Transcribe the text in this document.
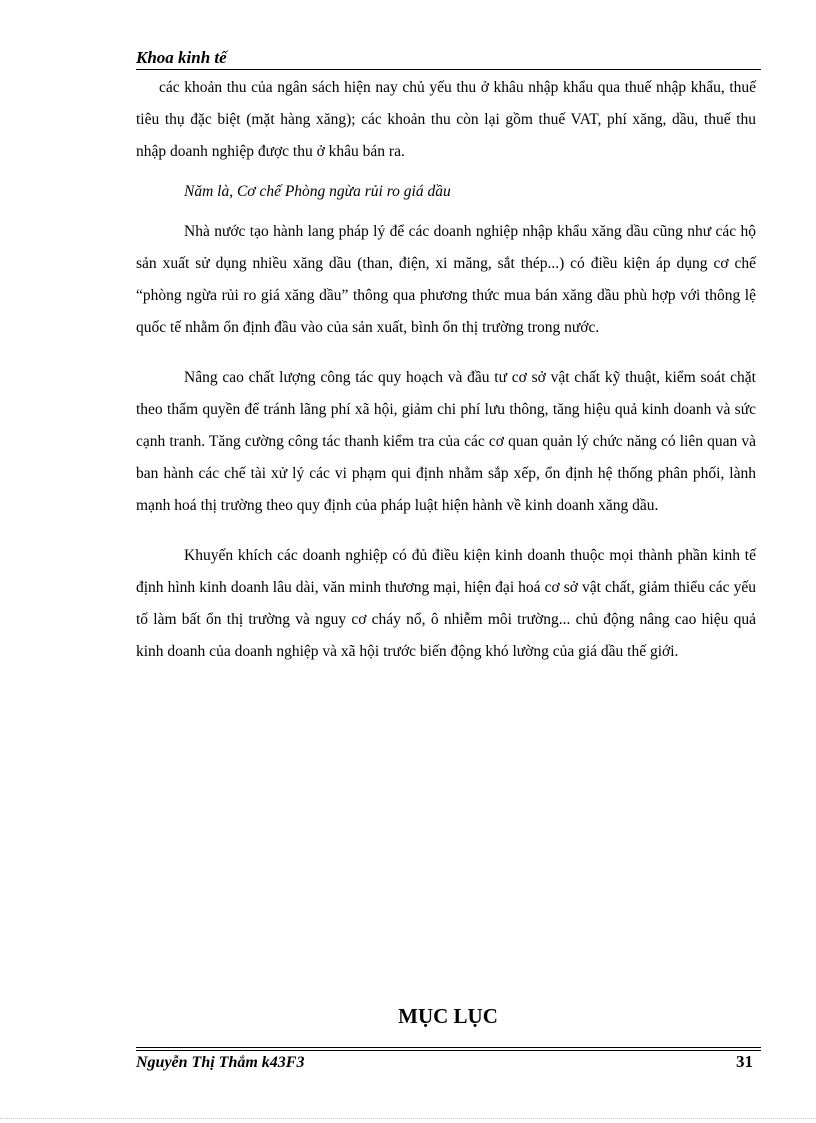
Khoa kinh tế

các khoản thu của ngân sách hiện nay chủ yếu thu ở khâu nhập khẩu qua thuế nhập khẩu, thuế tiêu thụ đặc biệt (mặt hàng xăng); các khoản thu còn lại gồm thuế VAT, phí xăng, dầu, thuế thu nhập doanh nghiệp được thu ở khâu bán ra.

Năm là, Cơ chế Phòng ngừa rủi ro giá dầu

Nhà nước tạo hành lang pháp lý để các doanh nghiệp nhập khẩu xăng dầu cũng như các hộ sản xuất sử dụng nhiều xăng dầu (than, điện, xi măng, sắt thép...) có điều kiện áp dụng cơ chế “phòng ngừa rủi ro giá xăng dầu” thông qua phương thức mua bán xăng dầu phù hợp với thông lệ quốc tế nhằm ổn định đầu vào của sản xuất, bình ổn thị trường trong nước.

Nâng cao chất lượng công tác quy hoạch và đầu tư cơ sở vật chất kỹ thuật, kiểm soát chặt theo thẩm quyền để tránh lãng phí xã hội, giảm chi phí lưu thông, tăng hiệu quả kinh doanh và sức cạnh tranh. Tăng cường công tác thanh kiểm tra của các cơ quan quản lý chức năng có liên quan và ban hành các chế tài xử lý các vi phạm qui định nhằm sắp xếp, ổn định hệ thống phân phối, lành mạnh hoá thị trường theo quy định của pháp luật hiện hành về kinh doanh xăng dầu.

Khuyến khích các doanh nghiệp có đủ điều kiện kinh doanh thuộc mọi thành phần kinh tế định hình kinh doanh lâu dài, văn minh thương mại, hiện đại hoá cơ sở vật chất, giảm thiểu các yếu tố làm bất ổn thị trường và nguy cơ cháy nổ, ô nhiễm môi trường... chủ động nâng cao hiệu quả kinh doanh của doanh nghiệp và xã hội trước biến động khó lường của giá dầu thế giới.

MỤC LỤC
Nguyễn Thị Thắm k43F3	31
